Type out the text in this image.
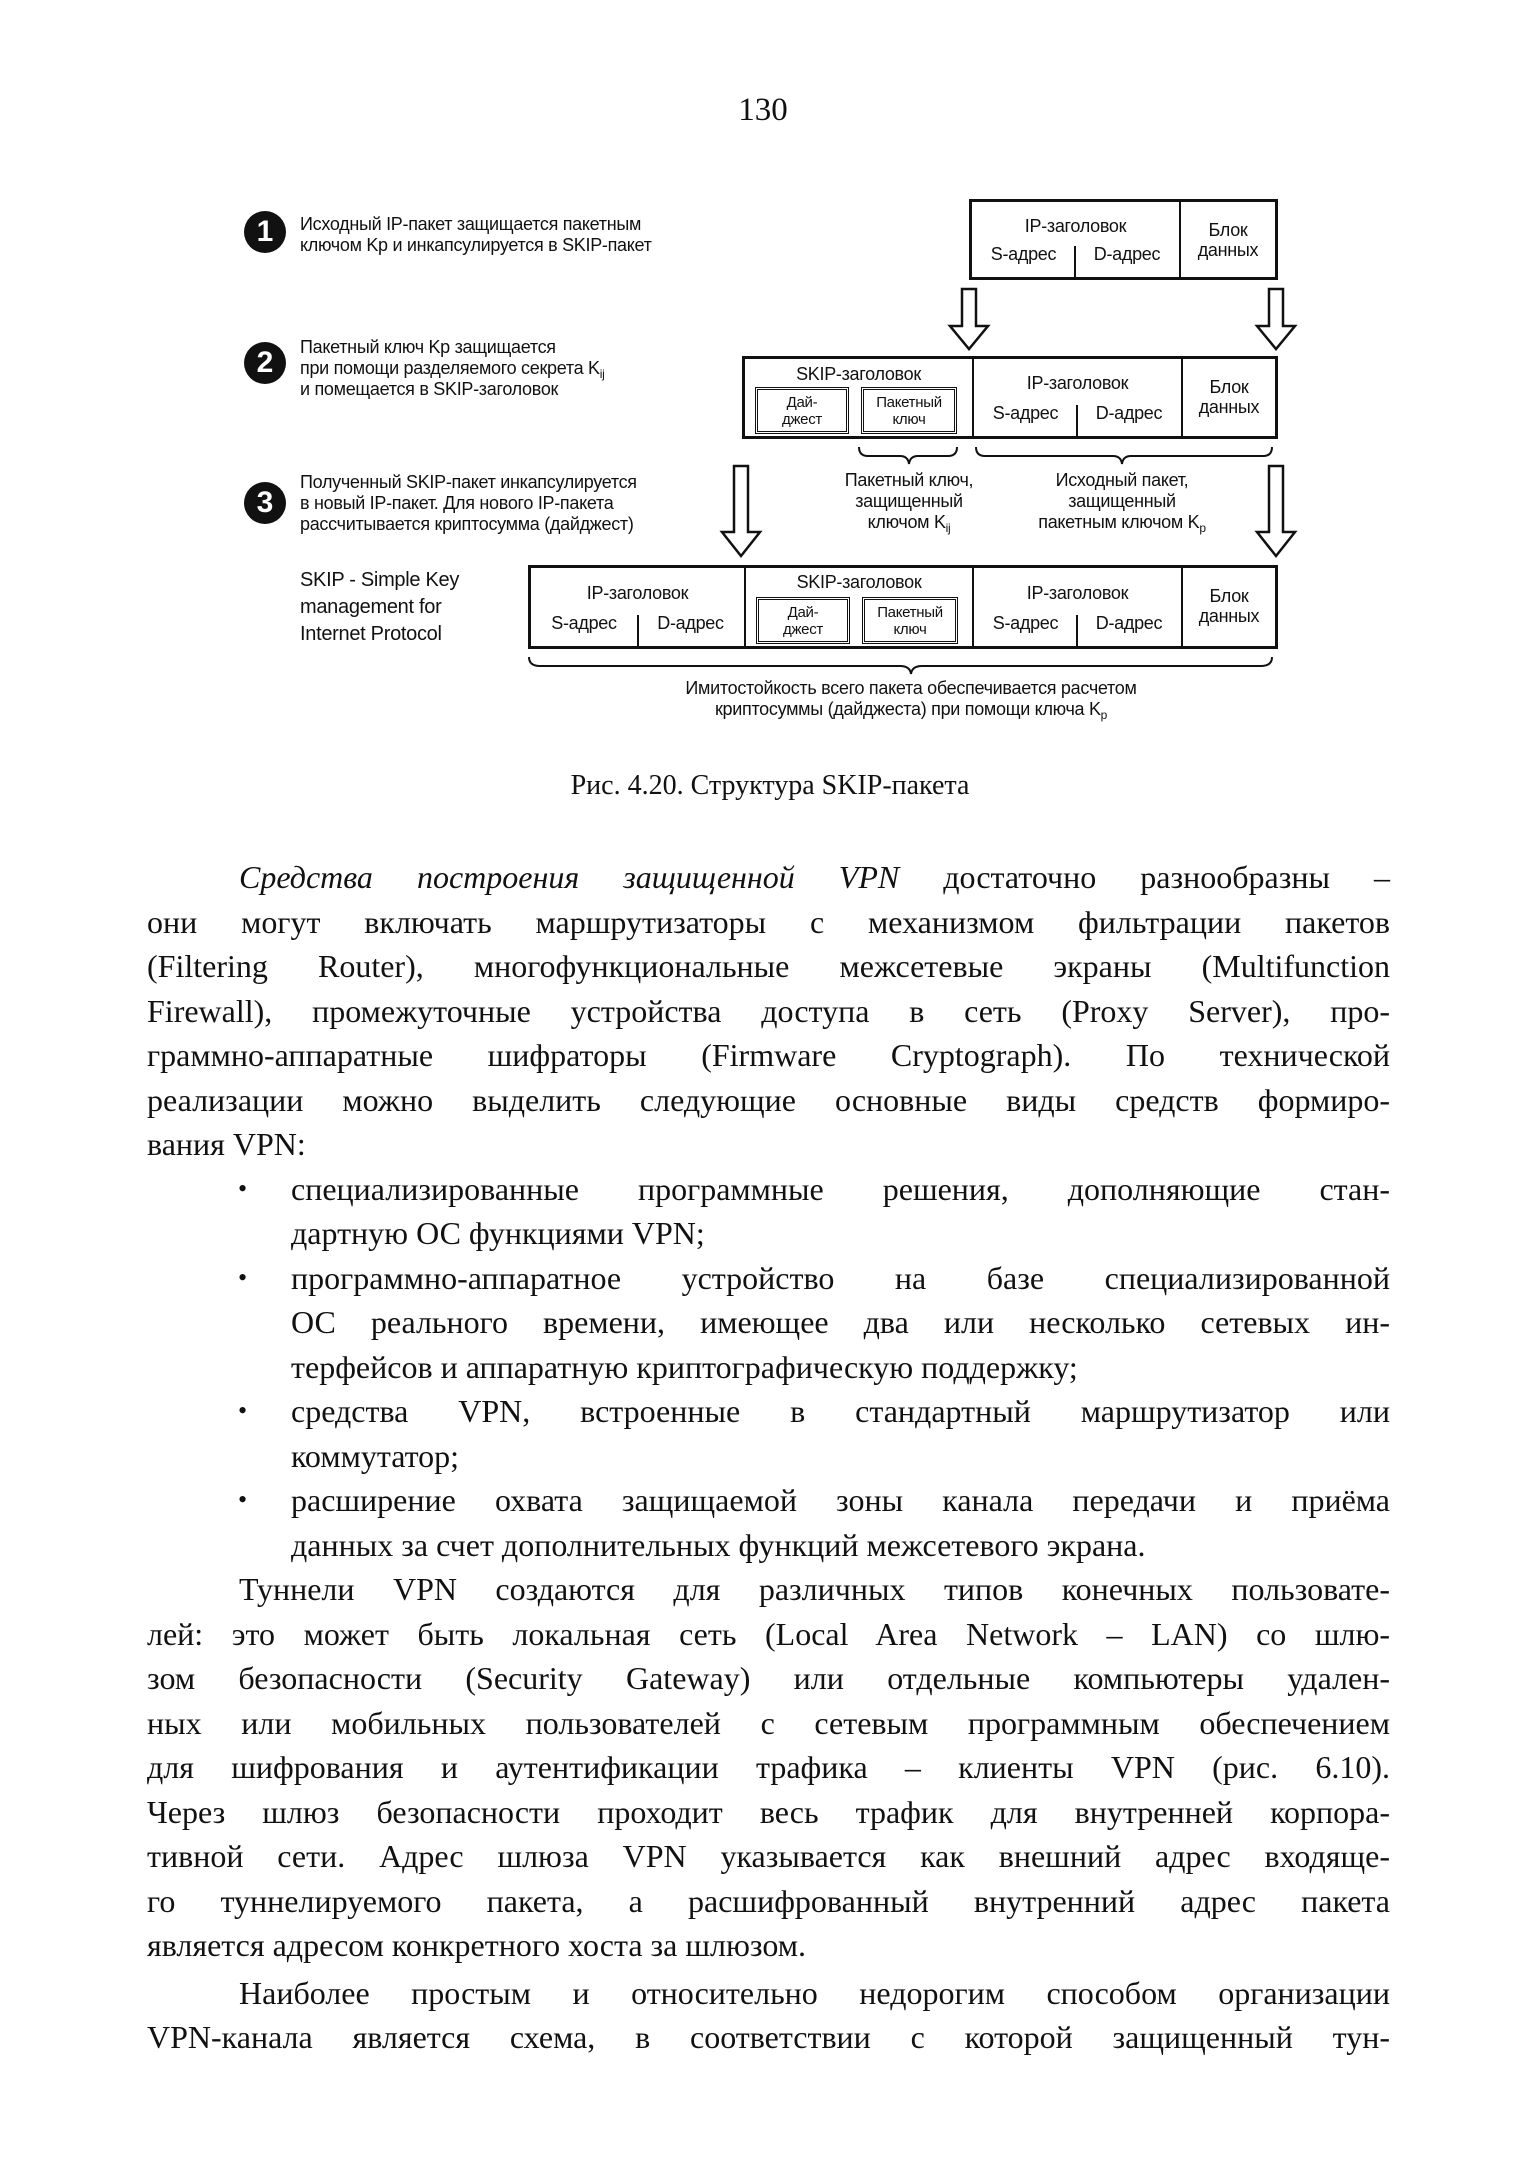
130
1	Исходный IP-пакет защищается пакетным
ключом Kp и инкапсулируется в SKIP-пакет
2	Пакетный ключ Kp защищается
при помощи разделяемого секрета $K_{ij}$
и помещается в SKIP-заголовок
3
Полученный SKIP-пакет инкапсулируется
в новый IP-пакет. Для нового IP-пакета
рассчитывается криптосумма (дайджест)
SKIP - Simple Key
management for
Internet Protocol
IP-заголовок
S-адрес	D-адрес
Блок
данных
SKIP-заголовок
Дай-
джест
Пакетный
ключ
IP-заголовок
S-адрес	D-адрес
Блок
данных
IP-заголовок
S-адрес	D-адрес
SKIP-заголовок
Дай-
джест
Пакетный
ключ
IP-заголовок
S-адрес	D-адрес
Блок
данных
Пакетный ключ,
защищенный
ключом $K_{ij}$
Исходный пакет,
защищенный
пакетным ключом $K_p$
Имитостойкость всего пакета обеспечивается расчетом
криптосуммы (дайджеста) при помощи ключа $K_p$
Рис. 4.20. Структура SKIP-пакета
Средства построения защищенной VPN достаточно разнообразны –
они могут включать маршрутизаторы с механизмом фильтрации пакетов
(Filtering Router), многофункциональные межсетевые экраны (Multifunction
Firewall), промежуточные устройства доступа в сеть (Proxy Server), про-
граммно-аппаратные шифраторы (Firmware Cryptograph). По технической
реализации можно выделить следующие основные виды средств формиро-
вания VPN:
специализированные программные решения, дополняющие стан-
•
дартную ОС функциями VPN;
программно-аппаратное устройство на базе специализированной
•
ОС реального времени, имеющее два или несколько сетевых ин-
терфейсов и аппаратную криптографическую поддержку;
средства VPN, встроенные в стандартный маршрутизатор или
•
коммутатор;
расширение охвата защищаемой зоны канала передачи и приёма
•
данных за счет дополнительных функций межсетевого экрана.
Туннели VPN создаются для различных типов конечных пользовате-
лей: это может быть локальная сеть (Local Area Network – LAN) со шлю-
зом безопасности (Security Gateway) или отдельные компьютеры удален-
ных или мобильных пользователей с сетевым программным обеспечением
для шифрования и аутентификации трафика – клиенты VPN (рис. 6.10).
Через шлюз безопасности проходит весь трафик для внутренней корпора-
тивной сети. Адрес шлюза VPN указывается как внешний адрес входяще-
го туннелируемого пакета, а расшифрованный внутренний адрес пакета
является адресом конкретного хоста за шлюзом.
Наиболее простым и относительно недорогим способом организации
VPN-канала является схема, в соответствии с которой защищенный тун-
